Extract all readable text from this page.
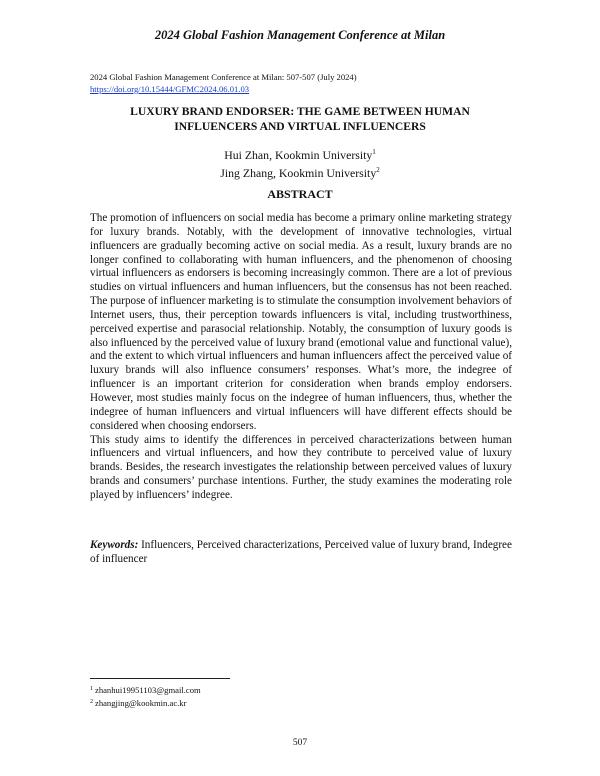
2024 Global Fashion Management Conference at Milan
2024 Global Fashion Management Conference at Milan: 507-507 (July 2024)
https://doi.org/10.15444/GFMC2024.06.01.03
LUXURY BRAND ENDORSER: THE GAME BETWEEN HUMAN
INFLUENCERS AND VIRTUAL INFLUENCERS
Hui Zhan, Kookmin University$^1$
Jing Zhang, Kookmin University$^2$
ABSTRACT

The promotion of influencers on social media has become a primary online marketing strategy for luxury brands. Notably, with the development of innovative technologies, virtual influencers are gradually becoming active on social media. As a result, luxury brands are no longer confined to collaborating with human influencers, and the phenomenon of choosing virtual influencers as endorsers is becoming increasingly common. There are a lot of previous studies on virtual influencers and human influencers, but the consensus has not been reached. The purpose of influencer marketing is to stimulate the consumption involvement behaviors of Internet users, thus, their perception towards influencers is vital, including trustworthiness, perceived expertise and parasocial relationship. Notably, the consumption of luxury goods is also influenced by the perceived value of luxury brand (emotional value and functional value), and the extent to which virtual influencers and human influencers affect the perceived value of luxury brands will also influence consumers’ responses. What’s more, the indegree of influencer is an important criterion for consideration when brands employ endorsers. However, most studies mainly focus on the indegree of human influencers, thus, whether the indegree of human influencers and virtual influencers will have different effects should be considered when choosing endorsers.

This study aims to identify the differences in perceived characterizations between human influencers and virtual influencers, and how they contribute to perceived value of luxury brands. Besides, the research investigates the relationship between perceived values of luxury brands and consumers’ purchase intentions. Further, the study examines the moderating role played by influencers’ indegree.

Keywords: Influencers, Perceived characterizations, Perceived value of luxury brand, Indegree of influencer
$^1$ zhanhui19951103@gmail.com
$^2$ zhangjing@kookmin.ac.kr
507
